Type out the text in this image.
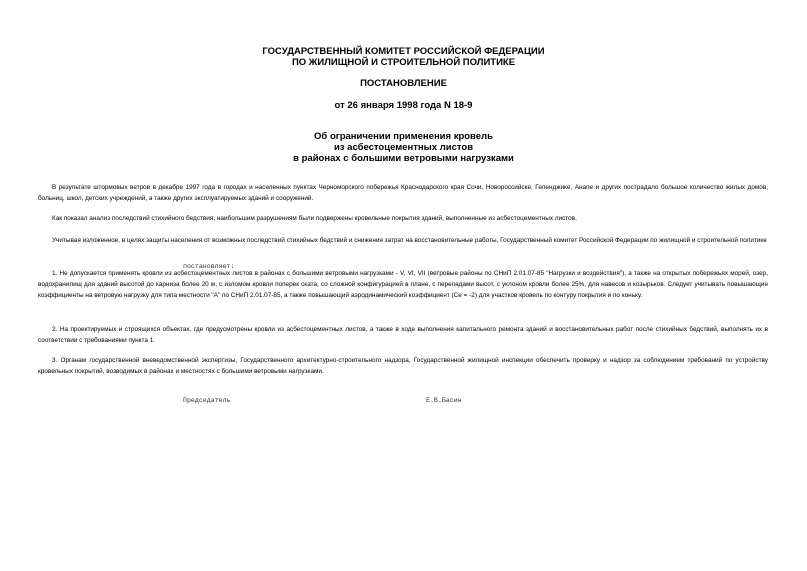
ГОСУДАРСТВЕННЫЙ КОМИТЕТ РОССИЙСКОЙ ФЕДЕРАЦИИ
ПО ЖИЛИЩНОЙ И СТРОИТЕЛЬНОЙ ПОЛИТИКЕ
ПОСТАНОВЛЕНИЕ
от 26 января 1998 года N 18-9
Об ограничении применения кровель
из асбестоцементных листов
в районах с большими ветровыми нагрузками
В результате штормовых ветров в декабре 1997 года в городах и населенных пунктах Черноморского побережья Краснодарского края Сочи, Новороссийске, Геленджике, Анапе и других пострадало большое количество жилых домов, больниц, школ, детских учреждений, а также других эксплуатируемых зданий и сооружений.
Как показал анализ последствий стихийного бедствия, наибольшим разрушениям были подвержены кровельные покрытия зданий, выполненные из асбестоцементных листов.
Учитывая изложенное, в целях защиты населения от возможных последствий стихийных бедствий и снижения затрат на восстановительные работы, Государственный комитет Российской Федерации по жилищной и строительной политике
постановляет:
1. Не допускается применять кровли из асбестоцементных листов в районах с большими ветровыми нагрузками - V, VI, VII (ветровые районы по СНиП 2.01.07-85 "Нагрузки и воздействия"), а также на открытых побережьях морей, озер, водохранилищ для зданий высотой до карниза более 20 м, с изломом кровли поперек ската, со сложной конфигурацией в плане, с перепадами высот, с уклоном кровли более 25%, для навесов и козырьков. Следует учитывать повышающие коэффициенты на ветровую нагрузку для типа местности "А" по СНиП 2.01.07-85, а также повышающий аэродинамический коэффициент (Се = -2) для участков кровель по контуру покрытия и по коньку.
2. На проектируемых и строящихся объектах, где предусмотрены кровли из асбестоцементных листов, а также в ходе выполнения капитального ремонта зданий и восстановительных работ после стихийных бедствий, выполнять их в соответствии с требованиями пункта 1.
3. Органам государственной вневедомственной экспертизы, Государственного архитектурно-строительного надзора, Государственной жилищной инспекции обеспечить проверку и надзор за соблюдением требований по устройству кровельных покрытий, возводимых в районах и местностях с большими ветровыми нагрузками.
Председатель	Е.В.Басин
